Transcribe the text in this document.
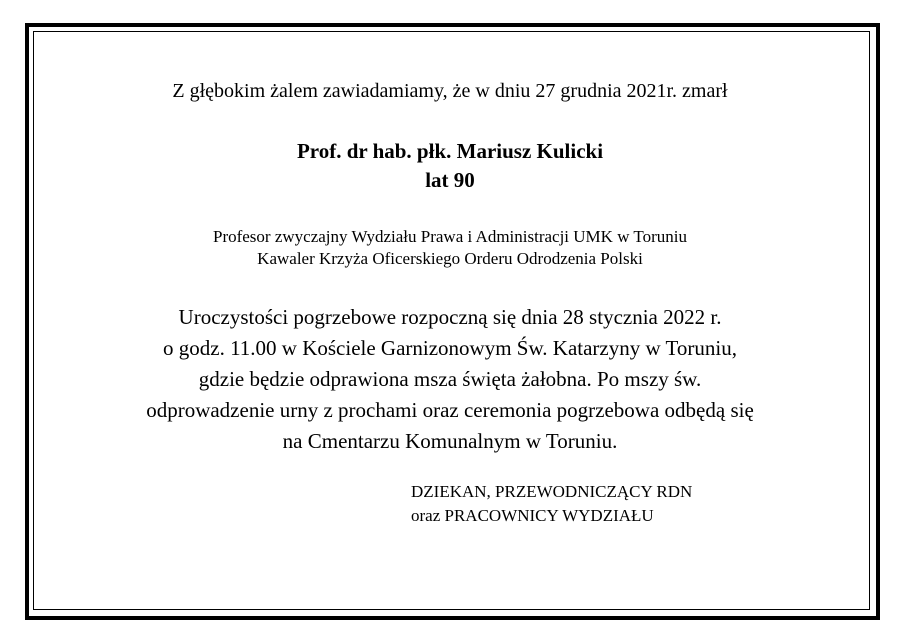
Z głębokim żalem zawiadamiamy, że w dniu 27 grudnia 2021r. zmarł
Prof. dr hab. płk. Mariusz Kulicki
lat 90
Profesor zwyczajny Wydziału Prawa i Administracji UMK w Toruniu
Kawaler Krzyża Oficerskiego Orderu Odrodzenia Polski
Uroczystości pogrzebowe rozpoczną się dnia 28 stycznia 2022 r.
o godz. 11.00 w Kościele Garnizonowym Św. Katarzyny w Toruniu,
gdzie będzie odprawiona msza święta żałobna. Po mszy św.
odprowadzenie urny z prochami oraz ceremonia pogrzebowa odbędą się
na Cmentarzu Komunalnym w Toruniu.
DZIEKAN, PRZEWODNICZĄCY RDN
oraz PRACOWNICY WYDZIAŁU
